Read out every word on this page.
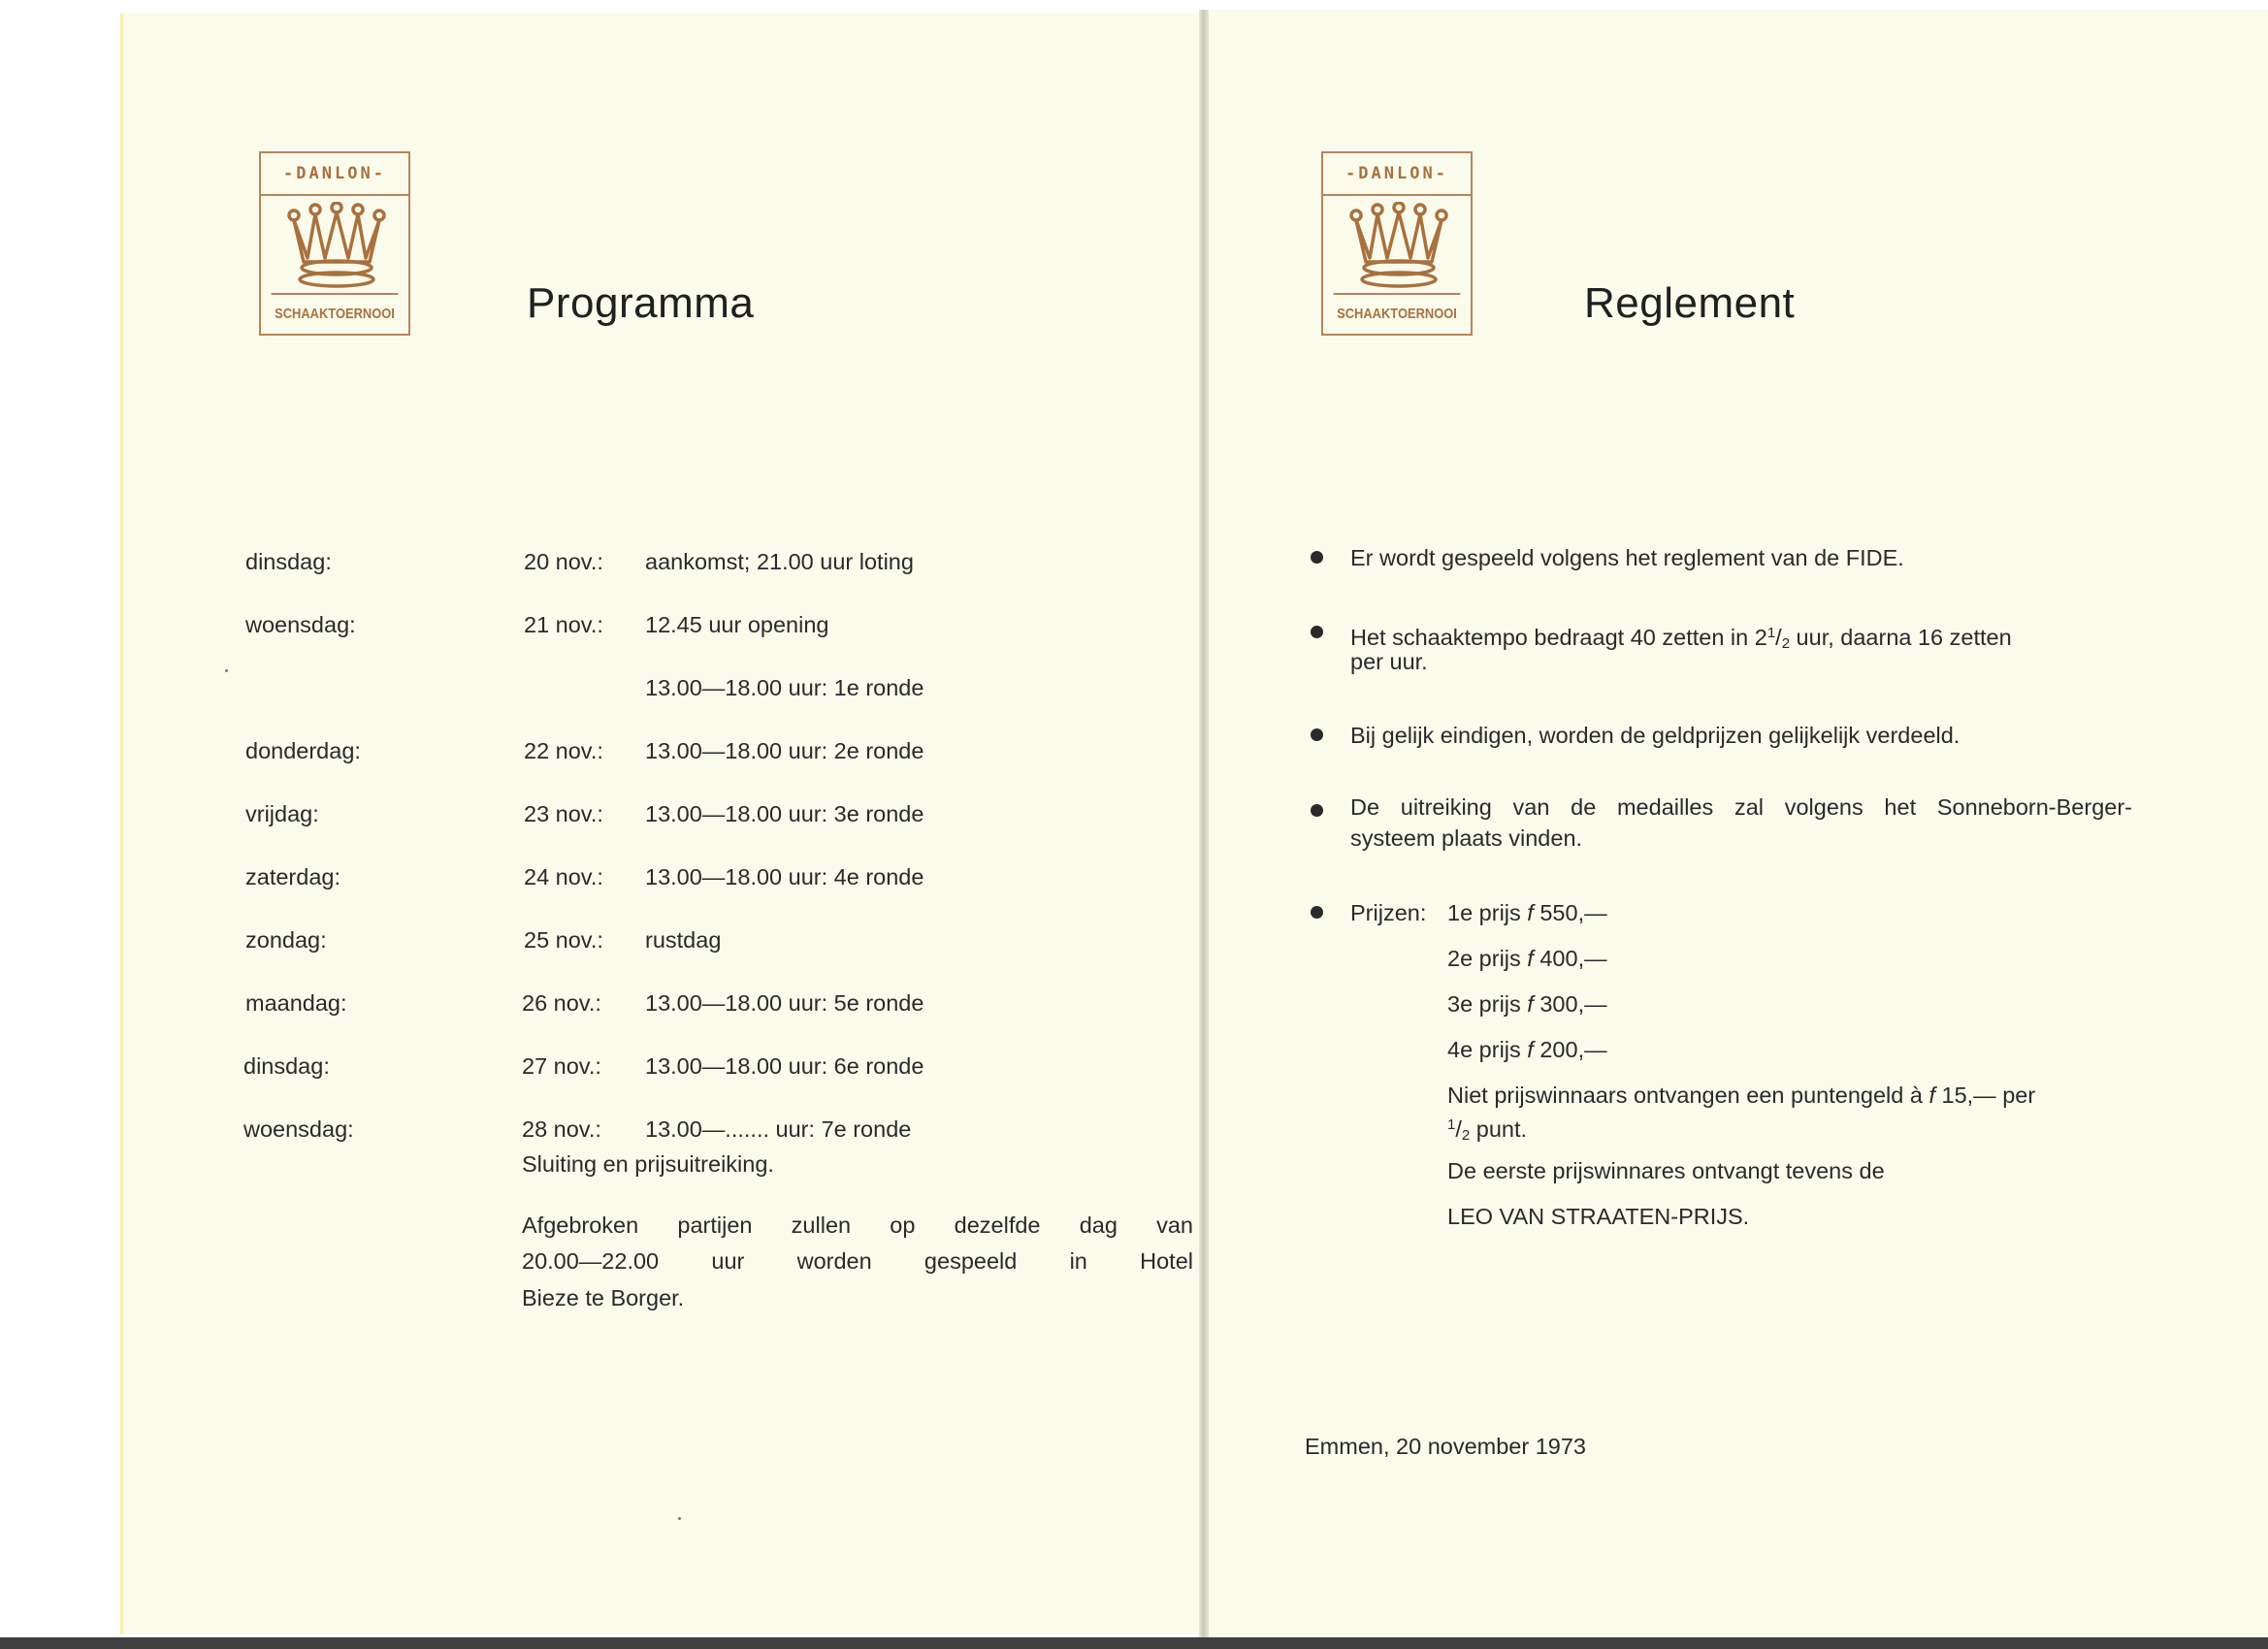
-DANLON-
SCHAAKTOERNOOI	Programma
dinsdag:	20 nov.: aankomst; 21.00 uur loting
woensdag:	21 nov.: 12.45 uur opening
13.00—18.00 uur: 1e ronde
donderdag:	22 nov.: 13.00—18.00 uur: 2e ronde
vrijdag:	23 nov.: 13.00—18.00 uur: 3e ronde
zaterdag:	24 nov.: 13.00—18.00 uur: 4e ronde
zondag:	25 nov.: rustdag
maandag:	26 nov.: 13.00—18.00 uur: 5e ronde
dinsdag:	27 nov.: 13.00—18.00 uur: 6e ronde
woensdag:	28 nov.: 13.00—....... uur: 7e ronde
Sluiting en prijsuitreiking.
Afgebroken partijen zullen op dezelfde dag van
20.00—22.00 uur worden gespeeld in Hotel
Bieze te Borger.
-DANLON-
SCHAAKTOERNOOI	Reglement
Er wordt gespeeld volgens het reglement van de FIDE.
Het schaaktempo bedraagt 40 zetten in $2^1/_2$ uur, daarna 16 zetten
per uur.
Bij gelijk eindigen, worden de geldprijzen gelijkelijk verdeeld.
De uitreiking van de medailles zal volgens het Sonneborn-Berger-
systeem plaats vinden.
Prijzen: 1e prijs f 550,—
2e prijs f 400,—
3e prijs f 300,—
4e prijs f 200,—
Niet prijswinnaars ontvangen een puntengeld à f 15,— per
$^1/_2$ punt.
De eerste prijswinnares ontvangt tevens de
LEO VAN STRAATEN-PRIJS.
Emmen, 20 november 1973
